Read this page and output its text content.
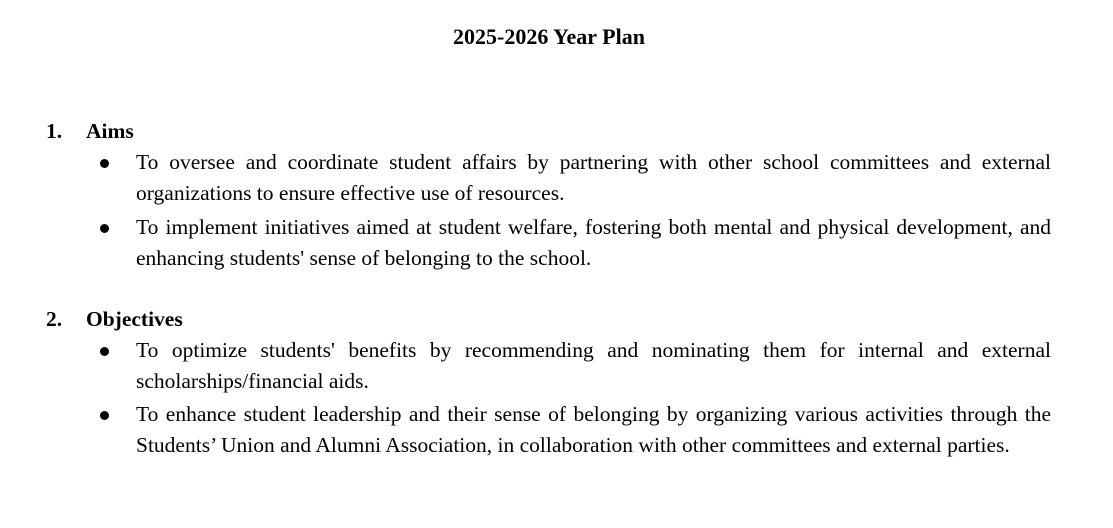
2025-2026 Year Plan
1. Aims
To oversee and coordinate student affairs by partnering with other school committees and external organizations to ensure effective use of resources.
To implement initiatives aimed at student welfare, fostering both mental and physical development, and enhancing students' sense of belonging to the school.
2. Objectives
To optimize students' benefits by recommending and nominating them for internal and external scholarships/financial aids.
To enhance student leadership and their sense of belonging by organizing various activities through the Students’ Union and Alumni Association, in collaboration with other committees and external parties.
